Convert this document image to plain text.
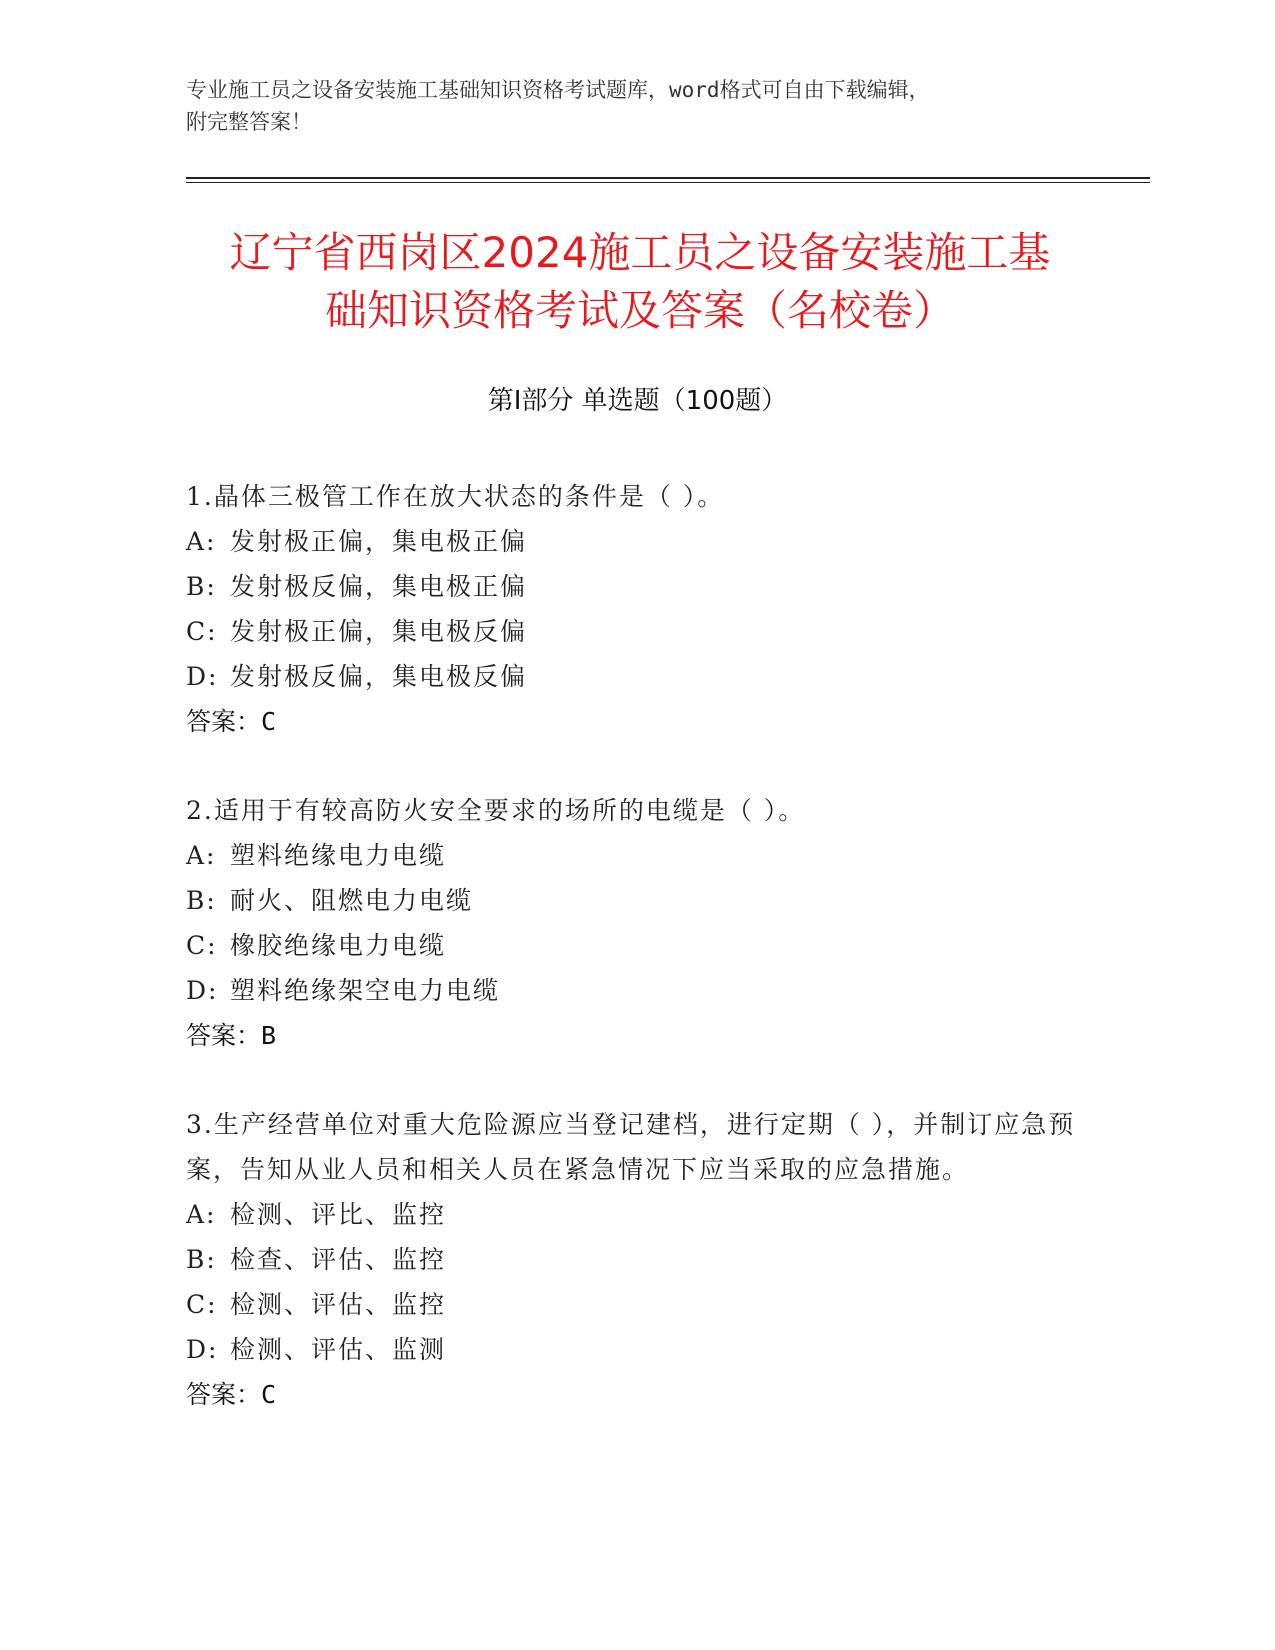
专业施工员之设备安装施工基础知识资格考试题库，word格式可自由下载编辑，
附完整答案！
辽宁省西岗区2024施工员之设备安装施工基
础知识资格考试及答案（名校卷）
第Ⅰ部分 单选题（100题）
1.晶体三极管工作在放大状态的条件是（ ）。
A: 发射极正偏，集电极正偏
B: 发射极反偏，集电极正偏
C: 发射极正偏，集电极反偏
D: 发射极反偏，集电极反偏
答案：C
2.适用于有较高防火安全要求的场所的电缆是（ ）。
A: 塑料绝缘电力电缆
B: 耐火、阻燃电力电缆
C: 橡胶绝缘电力电缆
D: 塑料绝缘架空电力电缆
答案：B
3.生产经营单位对重大危险源应当登记建档，进行定期（ ），并制订应急预案，告知从业人员和相关人员在紧急情况下应当采取的应急措施。
A: 检测、评比、监控
B: 检查、评估、监控
C: 检测、评估、监控
D: 检测、评估、监测
答案：C
